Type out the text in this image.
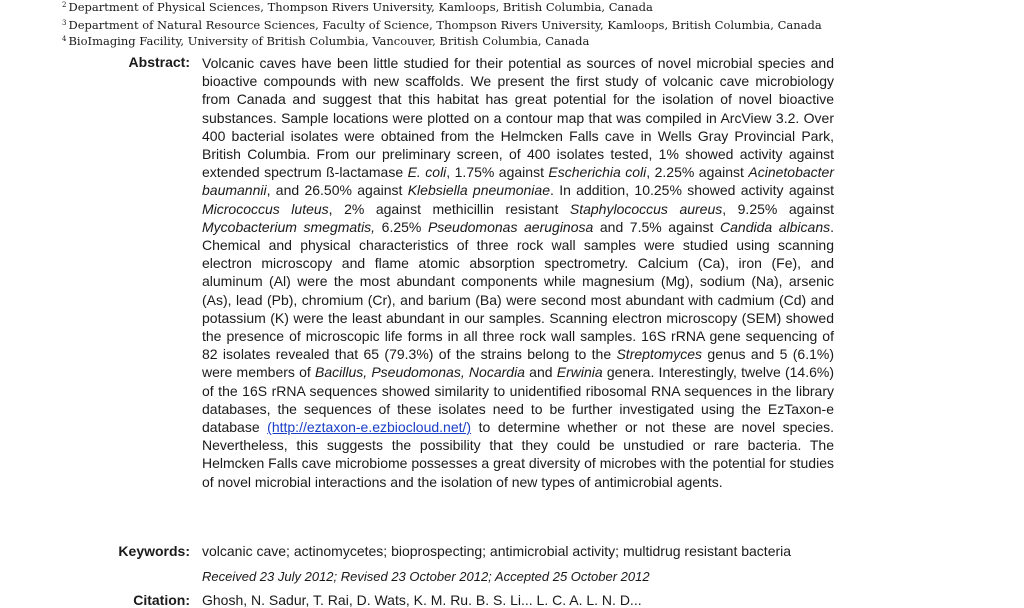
$^2$ Department of Physical Sciences, Thompson Rivers University, Kamloops, British Columbia, Canada
$^3$ Department of Natural Resource Sciences, Faculty of Science, Thompson Rivers University, Kamloops, British Columbia, Canada
$^4$ BioImaging Facility, University of British Columbia, Vancouver, British Columbia, Canada
Abstract: Volcanic caves have been little studied for their potential as sources of novel microbial species and bioactive compounds with new scaffolds. We present the first study of volcanic cave microbiology from Canada and suggest that this habitat has great potential for the isolation of novel bioactive substances. Sample locations were plotted on a contour map that was compiled in ArcView 3.2. Over 400 bacterial isolates were obtained from the Helmcken Falls cave in Wells Gray Provincial Park, British Columbia. From our preliminary screen, of 400 isolates tested, 1% showed activity against extended spectrum ß-lactamase E. coli, 1.75% against Escherichia coli, 2.25% against Acinetobacter baumannii, and 26.50% against Klebsiella pneumoniae. In addition, 10.25% showed activity against Micrococcus luteus, 2% against methicillin resistant Staphylococcus aureus, 9.25% against Mycobacterium smegmatis, 6.25% Pseudomonas aeruginosa and 7.5% against Candida albicans. Chemical and physical characteristics of three rock wall samples were studied using scanning electron microscopy and flame atomic absorption spectrometry. Calcium (Ca), iron (Fe), and aluminum (Al) were the most abundant components while magnesium (Mg), sodium (Na), arsenic (As), lead (Pb), chromium (Cr), and barium (Ba) were second most abundant with cadmium (Cd) and potassium (K) were the least abundant in our samples. Scanning electron microscopy (SEM) showed the presence of microscopic life forms in all three rock wall samples. 16S rRNA gene sequencing of 82 isolates revealed that 65 (79.3%) of the strains belong to the Streptomyces genus and 5 (6.1%) were members of Bacillus, Pseudomonas, Nocardia and Erwinia genera. Interestingly, twelve (14.6%) of the 16S rRNA sequences showed similarity to unidentified ribosomal RNA sequences in the library databases, the sequences of these isolates need to be further investigated using the EzTaxon-e database (http://eztaxon-e.ezbiocloud.net/) to determine whether or not these are novel species. Nevertheless, this suggests the possibility that they could be unstudied or rare bacteria. The Helmcken Falls cave microbiome possesses a great diversity of microbes with the potential for studies of novel microbial interactions and the isolation of new types of antimicrobial agents.

Keywords: volcanic cave; actinomycetes; bioprospecting; antimicrobial activity; multidrug resistant bacteria
Received 23 July 2012; Revised 23 October 2012; Accepted 25 October 2012
Citation: Ghosh, N. Sadur, T. Rai, D. Wats, K. M. Ru. B. S. Li... L. C. A. L. N. D...
